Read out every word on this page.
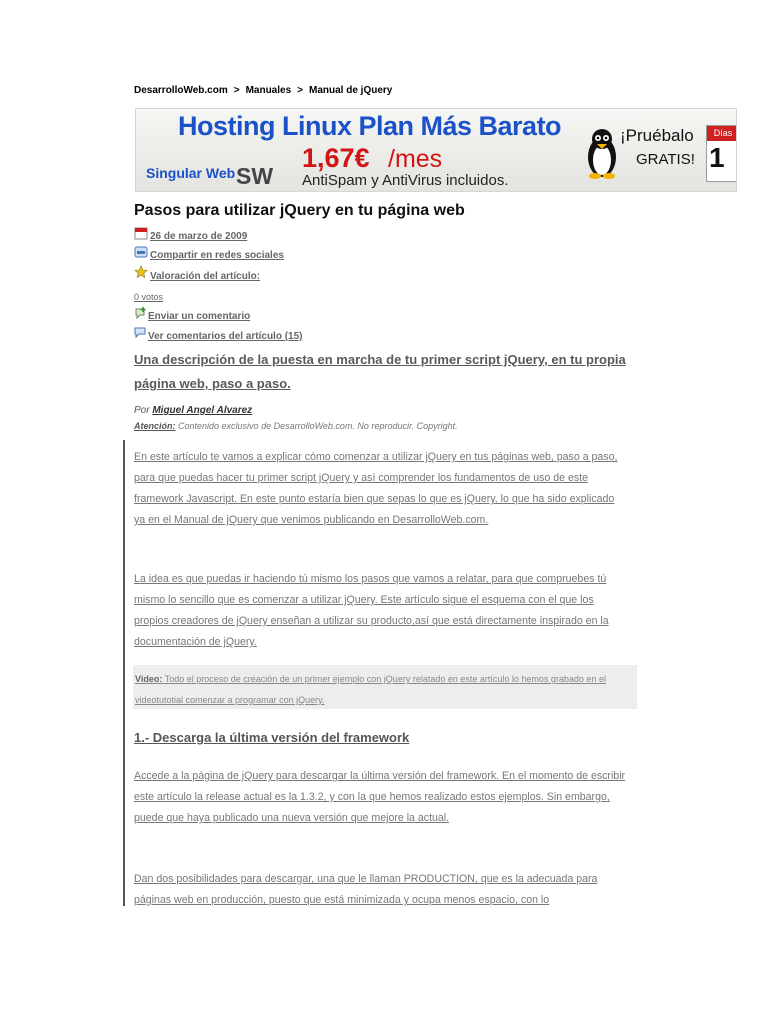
DesarrolloWeb.com > Manuales > Manual de jQuery
Hosting Linux Plan Más Barato
1,67€ /mes
AntiSpam y AntiVirus incluidos.
Singular Web SW
¡Pruébalo
GRATIS!
Días
1
Pasos para utilizar jQuery en tu página web
26 de marzo de 2009
Compartir en redes sociales
Valoración del artículo:
0 votos
Enviar un comentario
Ver comentarios del artículo (15)
Una descripción de la puesta en marcha de tu primer script jQuery, en tu propia página web, paso a paso.
Por Miguel Angel Alvarez
Atención: Contenido exclusivo de DesarrolloWeb.com. No reproducir. Copyright.
En este artículo te vamos a explicar cómo comenzar a utilizar jQuery en tus páginas web, paso a paso, para que puedas hacer tu primer script jQuery y así comprender los fundamentos de uso de este framework Javascript. En este punto estaría bien que sepas lo que es jQuery, lo que ha sido explicado ya en el Manual de jQuery que venimos publicando en DesarrolloWeb.com.
La idea es que puedas ir haciendo tú mismo los pasos que vamos a relatar, para que compruebes tú mismo lo sencillo que es comenzar a utilizar jQuery. Este artículo sigue el esquema con el que los propios creadores de jQuery enseñan a utilizar su producto,así que está directamente inspirado en la documentación de jQuery.
Video: Todo el proceso de creación de un primer ejemplo con jQuery relatado en este artículo lo hemos grabado en el videotutotial comenzar a programar con jQuery.
1.- Descarga la última versión del framework
Accede a la página de jQuery para descargar la última versión del framework. En el momento de escribir este artículo la release actual es la 1.3.2, y con la que hemos realizado estos ejemplos. Sin embargo, puede que haya publicado una nueva versión que mejore la actual.
Dan dos posibilidades para descargar, una que le llaman PRODUCTION, que es la adecuada para páginas web en producción, puesto que está minimizada y ocupa menos espacio, con lo
